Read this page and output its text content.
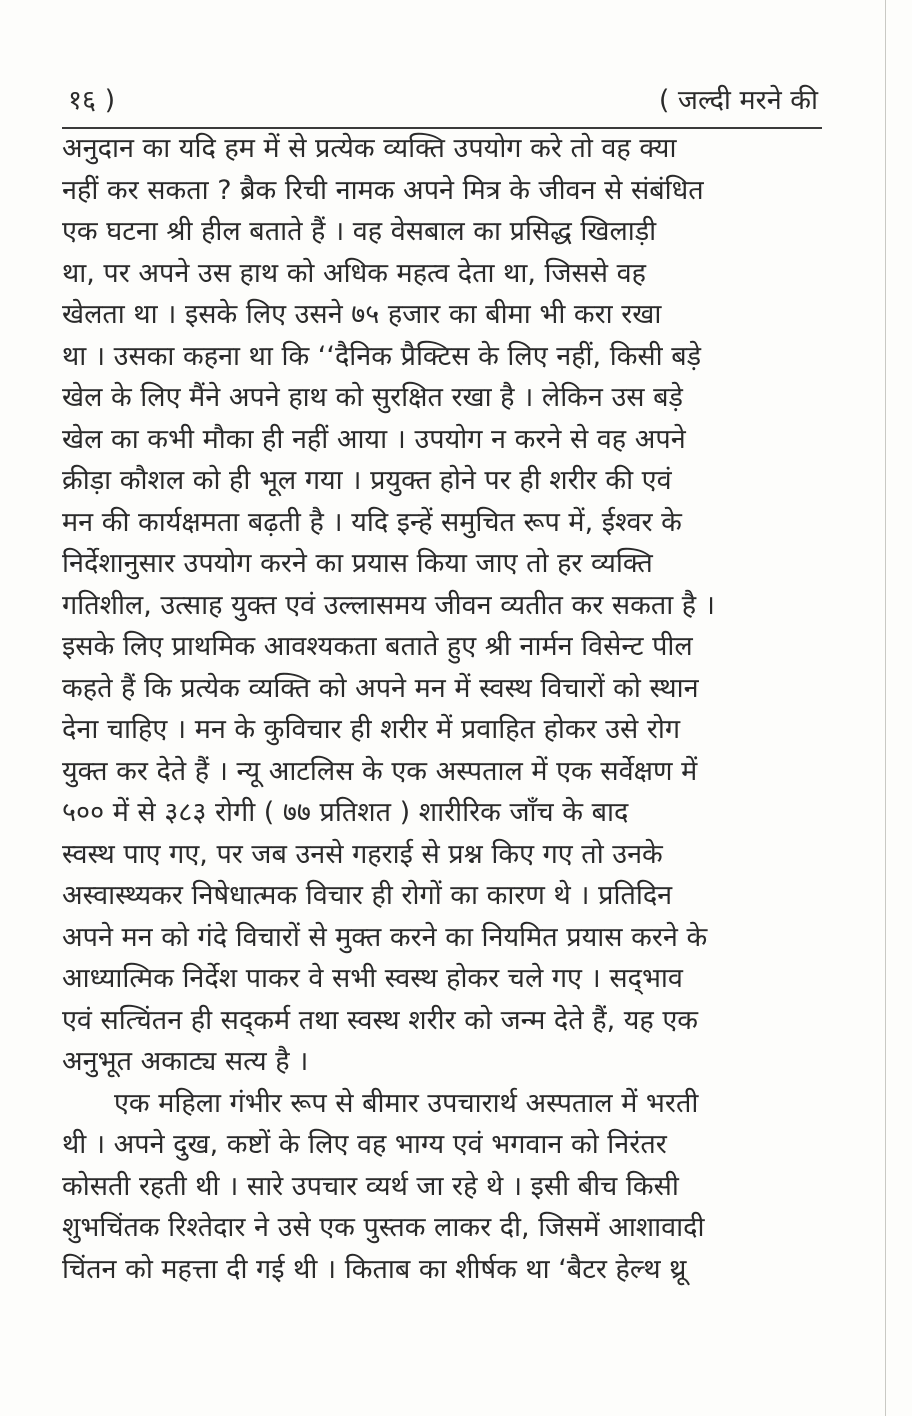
१६ )	( जल्दी मरने की
अनुदान का यदि हम में से प्रत्येक व्यक्ति उपयोग करे तो वह क्या
नहीं कर सकता ? ब्रैक रिची नामक अपने मित्र के जीवन से संबंधित
एक घटना श्री हील बताते हैं । वह वेसबाल का प्रसिद्ध खिलाड़ी
था, पर अपने उस हाथ को अधिक महत्व देता था, जिससे वह
खेलता था । इसके लिए उसने ७५ हजार का बीमा भी करा रखा
था । उसका कहना था कि ‘‘दैनिक प्रैक्टिस के लिए नहीं, किसी बड़े
खेल के लिए मैंने अपने हाथ को सुरक्षित रखा है । लेकिन उस बड़े
खेल का कभी मौका ही नहीं आया । उपयोग न करने से वह अपने
क्रीड़ा कौशल को ही भूल गया । प्रयुक्त होने पर ही शरीर की एवं
मन की कार्यक्षमता बढ़ती है । यदि इन्हें समुचित रूप में, ईश्वर के
निर्देशानुसार उपयोग करने का प्रयास किया जाए तो हर व्यक्ति
गतिशील, उत्साह युक्त एवं उल्लासमय जीवन व्यतीत कर सकता है ।
इसके लिए प्राथमिक आवश्यकता बताते हुए श्री नार्मन विसेन्ट पील
कहते हैं कि प्रत्येक व्यक्ति को अपने मन में स्वस्थ विचारों को स्थान
देना चाहिए । मन के कुविचार ही शरीर में प्रवाहित होकर उसे रोग
युक्त कर देते हैं । न्यू आटलिस के एक अस्पताल में एक सर्वेक्षण में
५०० में से ३८३ रोगी ( ७७ प्रतिशत ) शारीरिक जाँच के बाद
स्वस्थ पाए गए, पर जब उनसे गहराई से प्रश्न किए गए तो उनके
अस्वास्थ्यकर निषेधात्मक विचार ही रोगों का कारण थे । प्रतिदिन
अपने मन को गंदे विचारों से मुक्त करने का नियमित प्रयास करने के
आध्यात्मिक निर्देश पाकर वे सभी स्वस्थ होकर चले गए । सद्‌भाव
एवं सत्चिंतन ही सद्‌कर्म तथा स्वस्थ शरीर को जन्म देते हैं, यह एक
अनुभूत अकाट्य सत्य है ।
एक महिला गंभीर रूप से बीमार उपचारार्थ अस्पताल में भरती
थी । अपने दुख, कष्टों के लिए वह भाग्य एवं भगवान को निरंतर
कोसती रहती थी । सारे उपचार व्यर्थ जा रहे थे । इसी बीच किसी
शुभचिंतक रिश्तेदार ने उसे एक पुस्तक लाकर दी, जिसमें आशावादी
चिंतन को महत्ता दी गई थी । किताब का शीर्षक था ‘बैटर हेल्थ थ्रू
